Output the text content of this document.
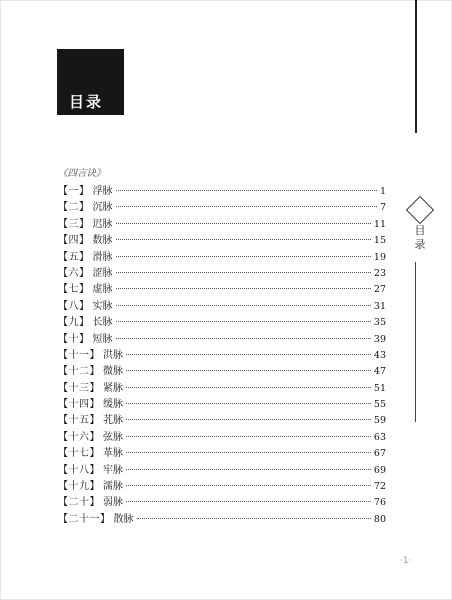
目录
目
录
《四言诀》
【一】 浮脉	1
【二】 沉脉	7
【三】 迟脉	11
【四】 数脉	15
【五】 滑脉	19
【六】 涩脉	23
【七】 虚脉	27
【八】 实脉	31
【九】 长脉	35
【十】 短脉	39
【十一】 洪脉	43
【十二】 微脉	47
【十三】 紧脉	51
【十四】 缓脉	55
【十五】 芤脉	59
【十六】 弦脉	63
【十七】 革脉	67
【十八】 牢脉	69
【十九】 濡脉	72
【二十】 弱脉	76
【二十一】 散脉	80
·1·
